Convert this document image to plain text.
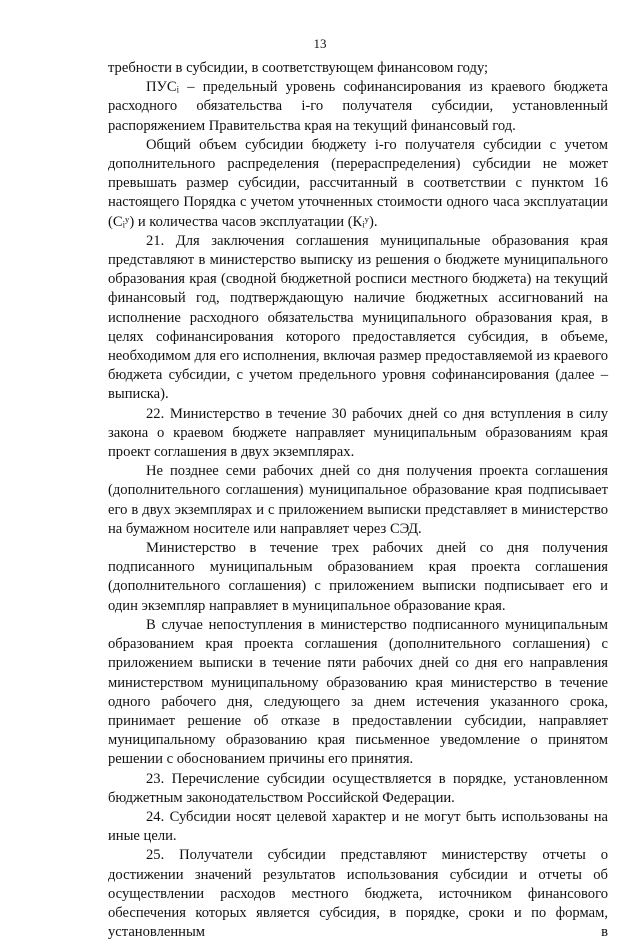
13

требности в субсидии, в соответствующем финансовом году;

ПУСᵢ – предельный уровень софинансирования из краевого бюджета расходного обязательства i-го получателя субсидии, установленный распоряжением Правительства края на текущий финансовый год.

Общий объем субсидии бюджету i-го получателя субсидии с учетом дополнительного распределения (перераспределения) субсидии не может превышать размер субсидии, рассчитанный в соответствии с пунктом 16 настоящего Порядка с учетом уточненных стоимости одного часа эксплуатации (Сᵢʸ) и количества часов эксплуатации (Кᵢʸ).

21. Для заключения соглашения муниципальные образования края представляют в министерство выписку из решения о бюджете муниципального образования края (сводной бюджетной росписи местного бюджета) на текущий финансовый год, подтверждающую наличие бюджетных ассигнований на исполнение расходного обязательства муниципального образования края, в целях софинансирования которого предоставляется субсидия, в объеме, необходимом для его исполнения, включая размер предоставляемой из краевого бюджета субсидии, с учетом предельного уровня софинансирования (далее – выписка).

22. Министерство в течение 30 рабочих дней со дня вступления в силу закона о краевом бюджете направляет муниципальным образованиям края проект соглашения в двух экземплярах.

Не позднее семи рабочих дней со дня получения проекта соглашения (дополнительного соглашения) муниципальное образование края подписывает его в двух экземплярах и с приложением выписки представляет в министерство на бумажном носителе или направляет через СЭД.

Министерство в течение трех рабочих дней со дня получения подписанного муниципальным образованием края проекта соглашения (дополнительного соглашения) с приложением выписки подписывает его и один экземпляр направляет в муниципальное образование края.

В случае непоступления в министерство подписанного муниципальным образованием края проекта соглашения (дополнительного соглашения) с приложением выписки в течение пяти рабочих дней со дня его направления министерством муниципальному образованию края министерство в течение одного рабочего дня, следующего за днем истечения указанного срока, принимает решение об отказе в предоставлении субсидии, направляет муниципальному образованию края письменное уведомление о принятом решении с обоснованием причины его принятия.

23. Перечисление субсидии осуществляется в порядке, установленном бюджетным законодательством Российской Федерации.

24. Субсидии носят целевой характер и не могут быть использованы на иные цели.

25. Получатели субсидии представляют министерству отчеты о достижении значений результатов использования субсидии и отчеты об осуществлении расходов местного бюджета, источником финансового обеспечения которых является субсидия, в порядке, сроки и по формам, установленным в
